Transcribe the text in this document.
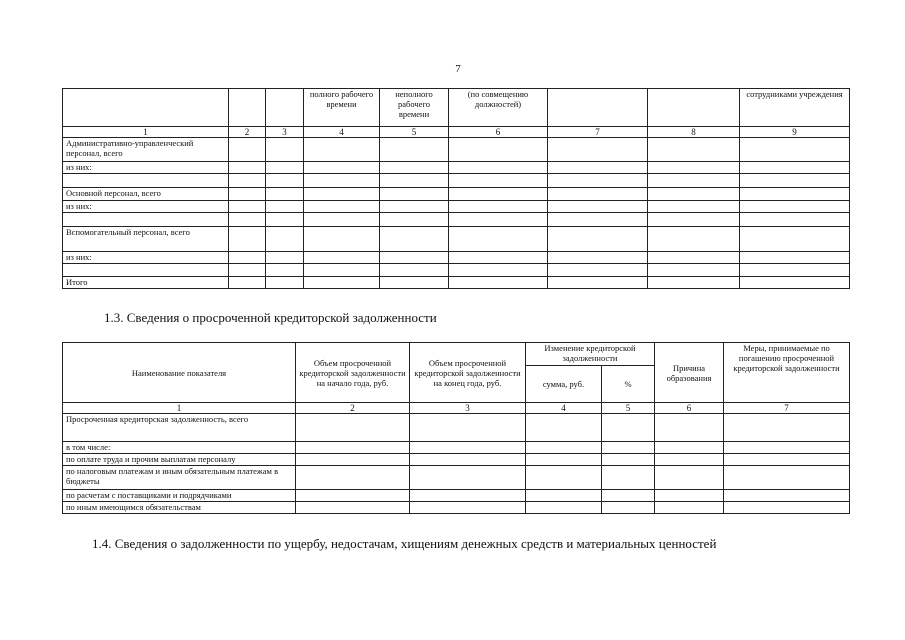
7
			полного рабочего времени	неполного рабочего времени	(по совмещению должностей)			сотрудниками учреждения
1	2	3	4	5	6	7	8	9
Административно-управленческий персонал, всего								
из них:								

Основной персонал, всего								
из них:								

Вспомогательный персонал, всего								
из них:								

Итого								
1.3. Сведения о просроченной кредиторской задолженности
Наименование показателя	Объем просроченной кредиторской задолженности на начало года, руб.	Объем просроченной кредиторской задолженности на конец года, руб.	Изменение кредиторской задолженности		Причина образования	Меры, принимаемые по погашению просроченной кредиторской задолженности
			сумма, руб.	%		
1	2	3	4	5	6	7
Просроченная кредиторская задолженность, всего						
в том числе:						
по оплате труда и прочим выплатам персоналу						
по налоговым платежам и иным обязательным платежам в бюджеты						
по расчетам с поставщиками и подрядчиками						
по иным имеющимся обязательствам						
1.4. Сведения о задолженности по ущербу, недостачам, хищениям денежных средств и материальных ценностей
